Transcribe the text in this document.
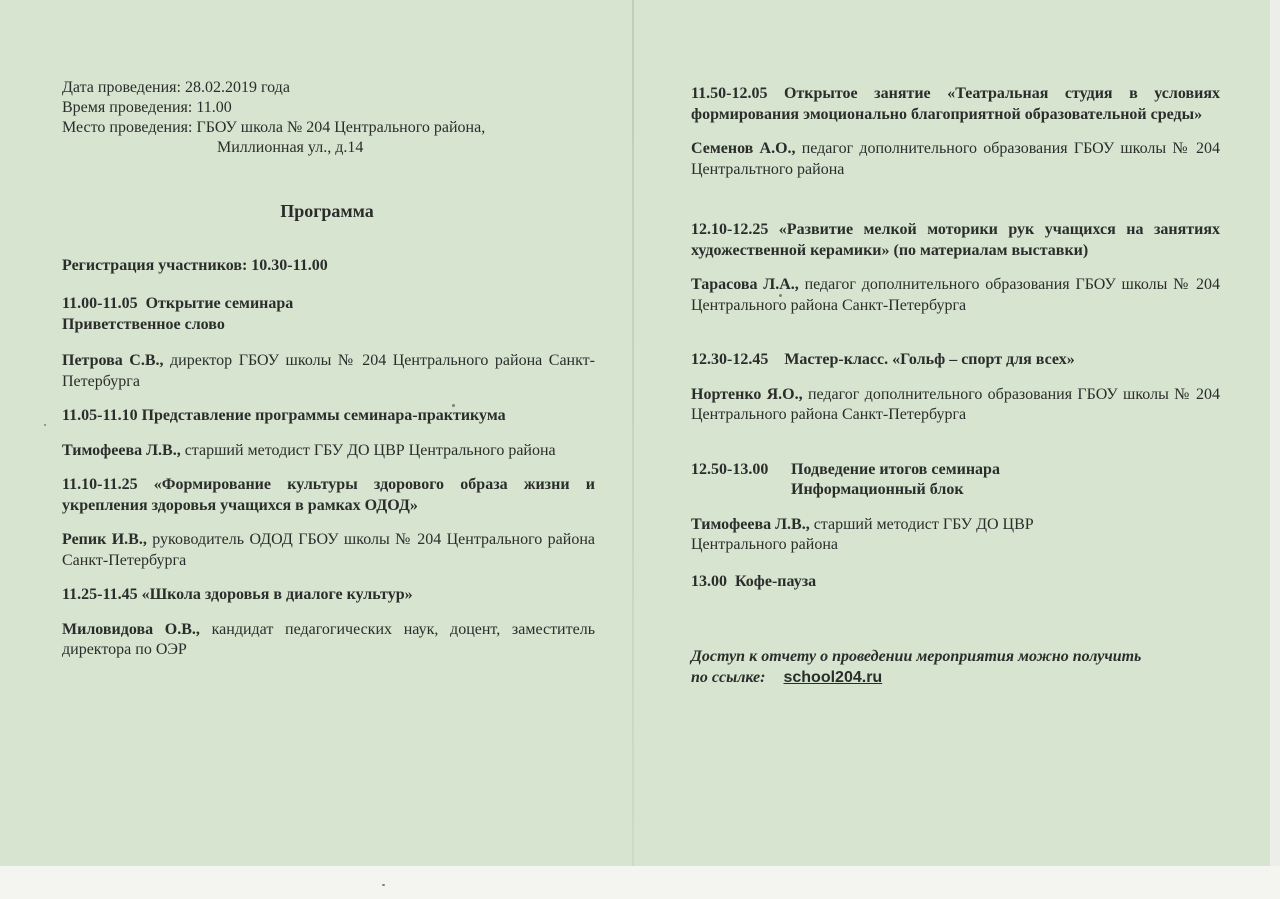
Дата проведения: 28.02.2019 года

Время проведения: 11.00

Место проведения: ГБОУ школа № 204 Центрального района,

Миллионная ул., д.14

Программа

Регистрация участников: 10.30-11.00

11.00-11.05  Открытие семинара

Приветственное слово

Петрова С.В., директор ГБОУ школы № 204 Центрального района Санкт-Петербурга

11.05-11.10 Представление программы семинара-практикума

Тимофеева Л.В., старший методист ГБУ ДО ЦВР Центрального района

11.10-11.25 «Формирование культуры здорового образа жизни и укрепления здоровья учащихся в рамках ОДОД»

Репик И.В., руководитель ОДОД ГБОУ школы № 204 Центрального района Санкт-Петербурга

11.25-11.45 «Школа здоровья в диалоге культур»

Миловидова О.В., кандидат педагогических наук, доцент, заместитель директора по ОЭР

11.50-12.05 Открытое занятие «Театральная студия в условиях формирования эмоционально благоприятной образовательной среды»

Семенов А.О., педагог дополнительного образования ГБОУ школы № 204 Центральтного района

12.10-12.25 «Развитие мелкой моторики рук учащихся на занятиях художественной керамики» (по материалам выставки)

Тарасова Л.А., педагог дополнительного образования ГБОУ школы № 204 Центрального района Санкт-Петербурга

12.30-12.45    Мастер-класс. «Гольф – спорт для всех»

Нортенко Я.О., педагог дополнительного образования ГБОУ школы № 204 Центрального района Санкт-Петербурга

12.50-13.00 Подведение итогов семинара

Информационный блок

Тимофеева Л.В., старший методист ГБУ ДО ЦВР

Центрального района

13.00  Кофе-пауза

Доступ к отчету о проведении мероприятия можно получить

по ссылке: school204.ru
